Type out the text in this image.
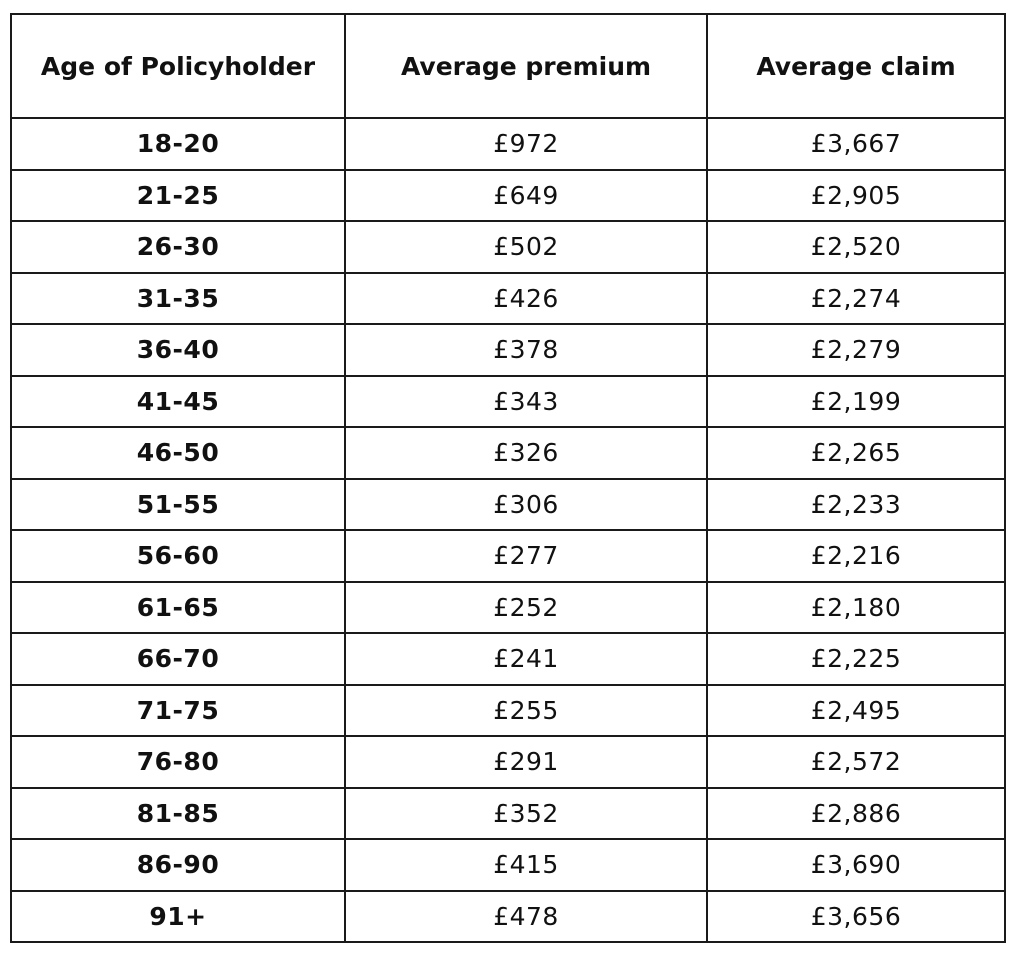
Age of Policyholder	Average premium	Average claim
18-20	£972	£3,667
21-25	£649	£2,905
26-30	£502	£2,520
31-35	£426	£2,274
36-40	£378	£2,279
41-45	£343	£2,199
46-50	£326	£2,265
51-55	£306	£2,233
56-60	£277	£2,216
61-65	£252	£2,180
66-70	£241	£2,225
71-75	£255	£2,495
76-80	£291	£2,572
81-85	£352	£2,886
86-90	£415	£3,690
91+	£478	£3,656
